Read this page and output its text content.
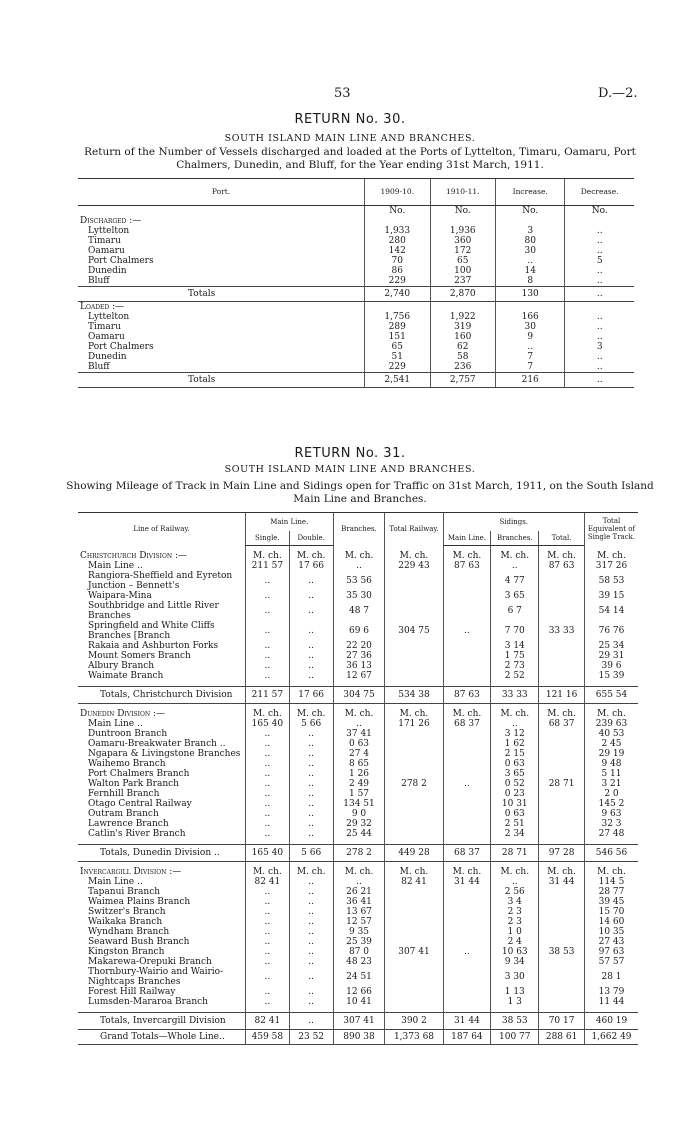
53	D.—2.
RETURN No. 30.
SOUTH ISLAND MAIN LINE AND BRANCHES.
Return of the Number of Vessels discharged and loaded at the Ports of Lyttelton, Timaru, Oamaru, Port Chalmers, Dunedin, and Bluff, for the Year ending 31st March, 1911.
Port.	1909-10.	1910-11.	Increase.	Decrease.
	No.	No.	No.	No.
Discharged :—				
Lyttelton	1,933	1,936	3	..
Timaru	280	360	80	..
Oamaru	142	172	30	..
Port Chalmers	70	65	..	5
Dunedin	86	100	14	..
Bluff	229	237	8	..
Totals	2,740	2,870	130	..
Loaded :—				
Lyttelton	1,756	1,922	166	..
Timaru	289	319	30	..
Oamaru	151	160	9	..
Port Chalmers	65	62	..	3
Dunedin	51	58	7	..
Bluff	229	236	7	..
Totals	2,541	2,757	216	..
RETURN No. 31.
SOUTH ISLAND MAIN LINE AND BRANCHES.
Showing Mileage of Track in Main Line and Sidings open for Traffic on 31st March, 1911, on the South Island Main Line and Branches.
Line of Railway.	Main Line.		Branches.	Total Railway.	Sidings.			Total Equivalent of Single Track.
	Single.	Double.			Main Line.	Branches.	Total.	

Christchurch Division :—	M. ch.	M. ch.	M. ch.	M. ch.	M. ch.	M. ch.	M. ch.	M. ch.
Main Line ..	211 57	17 66	..	229 43	87 63	..	87 63	317 26
Rangiora-Sheffield and Eyreton Junction – Bennett's	..	..	53 56			4 77		58 53
Waipara-Mina	..	..	35 30			3 65		39 15
Southbridge and Little River Branches	..	..	48 7			6 7		54 14
Springfield and White Cliffs Branches [Branch	..	..	69 6	304 75	..	7 70	33 33	76 76
Rakaia and Ashburton Forks	..	..	22 20			3 14		25 34
Mount Somers Branch	..	..	27 36			1 75		29 31
Albury Branch	..	..	36 13			2 73		39 6
Waimate Branch	..	..	12 67			2 52		15 39

Totals, Christchurch Division	211 57	17 66	304 75	534 38	87 63	33 33	121 16	655 54

Dunedin Division :—	M. ch.	M. ch.	M. ch.	M. ch.	M. ch.	M. ch.	M. ch.	M. ch.
Main Line ..	165 40	5 66	..	171 26	68 37	..	68 37	239 63
Duntroon Branch	..	..	37 41			3 12		40 53
Oamaru-Breakwater Branch ..	..	..	0 63			1 62		2 45
Ngapara & Livingstone Branches	..	..	27 4			2 15		29 19
Waihemo Branch	..	..	8 65			0 63		9 48
Port Chalmers Branch	..	..	1 26			3 65		5 11
Walton Park Branch	..	..	2 49	278 2	..	0 52	28 71	3 21
Fernhill Branch	..	..	1 57			0 23		2 0
Otago Central Railway	..	..	134 51			10 31		145 2
Outram Branch	..	..	9 0			0 63		9 63
Lawrence Branch	..	..	29 32			2 51		32 3
Catlin's River Branch	..	..	25 44			2 34		27 48

Totals, Dunedin Division ..	165 40	5 66	278 2	449 28	68 37	28 71	97 28	546 56

Invercargill Division :—	M. ch.	M. ch.	M. ch.	M. ch.	M. ch.	M. ch.	M. ch.	M. ch.
Main Line ..	82 41	..	..	82 41	31 44	..	31 44	114 5
Tapanui Branch	..	..	26 21			2 56		28 77
Waimea Plains Branch	..	..	36 41			3 4		39 45
Switzer's Branch	..	..	13 67			2 3		15 70
Waikaka Branch	..	..	12 57			2 3		14 60
Wyndham Branch	..	..	9 35			1 0		10 35
Seaward Bush Branch	..	..	25 39			2 4		27 43
Kingston Branch	..	..	87 0	307 41	..	10 63	38 53	97 63
Makarewa-Orepuki Branch	..	..	48 23			9 34		57 57
Thornbury-Wairio and Wairio-Nightcaps Branches	..	..	24 51			3 30		28 1
Forest Hill Railway	..	..	12 66			1 13		13 79
Lumsden-Mararoa Branch	..	..	10 41			1 3		11 44

Totals, Invercargill Division	82 41	..	307 41	390 2	31 44	38 53	70 17	460 19
Grand Totals—Whole Line..	459 58	23 52	890 38	1,373 68	187 64	100 77	288 61	1,662 49
